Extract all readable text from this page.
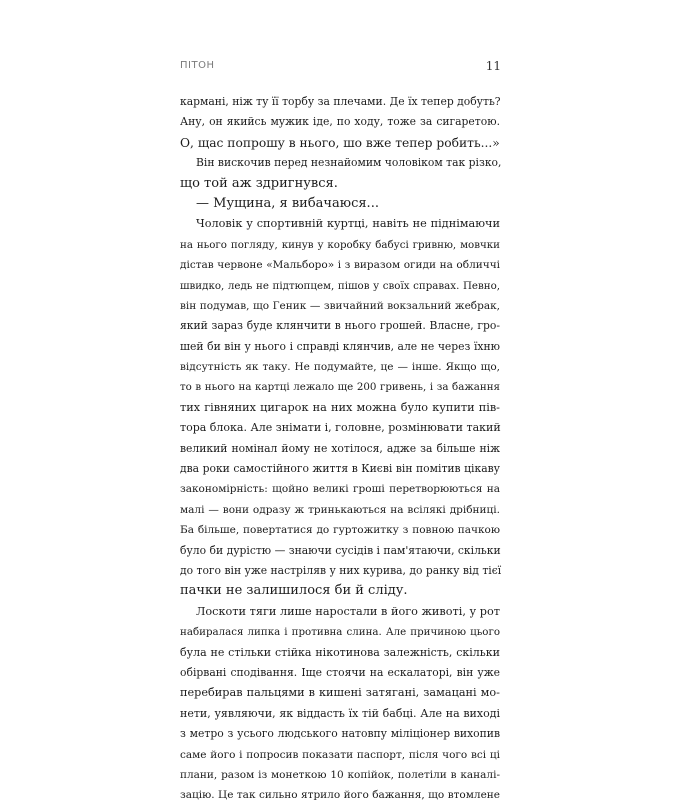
ПІТОН	11
кармані, ніж ту її торбу за плечами. Де їх тепер добуть?
Ану, он якийсь мужик іде, по ходу, тоже за сигаретою.
О, щас попрошу в нього, шо вже тепер робить...»
Він вискочив перед незнайомим чоловіком так різко,
що той аж здригнувся.
— Мущина, я вибачаюся...
Чоловік у спортивній куртці, навіть не піднімаючи
на нього погляду, кинув у коробку бабусі гривню, мовчки
дістав червоне «Мальборо» і з виразом огиди на обличчі
швидко, ледь не підтюпцем, пішов у своїх справах. Певно,
він подумав, що Геник — звичайний вокзальний жебрак,
який зараз буде клянчити в нього грошей. Власне, гро-
шей би він у нього і справді клянчив, але не через їхню
відсутність як таку. Не подумайте, це — інше. Якщо що,
то в нього на картці лежало ще 200 гривень, і за бажання
тих гівняних цигарок на них можна було купити пів-
тора блока. Але знімати і, головне, розмінювати такий
великий номінал йому не хотілося, адже за більше ніж
два роки самостійного життя в Києві він помітив цікаву
закономірність: щойно великі гроші перетворюються на
малі — вони одразу ж тринькаються на всілякі дрібниці.
Ба більше, повертатися до гуртожитку з повною пачкою
було би дурістю — знаючи сусідів і пам'ятаючи, скільки
до того він уже настріляв у них курива, до ранку від тієї
пачки не залишилося би й сліду.
Лоскоти тяги лише наростали в його животі, у рот
набиралася липка і противна слина. Але причиною цього
була не стільки стійка нікотинова залежність, скільки
обірвані сподівання. Іще стоячи на ескалаторі, він уже
перебирав пальцями в кишені затягані, замацані мо-
нети, уявляючи, як віддасть їх тій бабці. Але на виході
з метро з усього людського натовпу міліціонер вихопив
саме його і попросив показати паспорт, після чого всі ці
плани, разом із монеткою 10 копійок, полетіли в каналі-
зацію. Це так сильно ятрило його бажання, що втомлене
